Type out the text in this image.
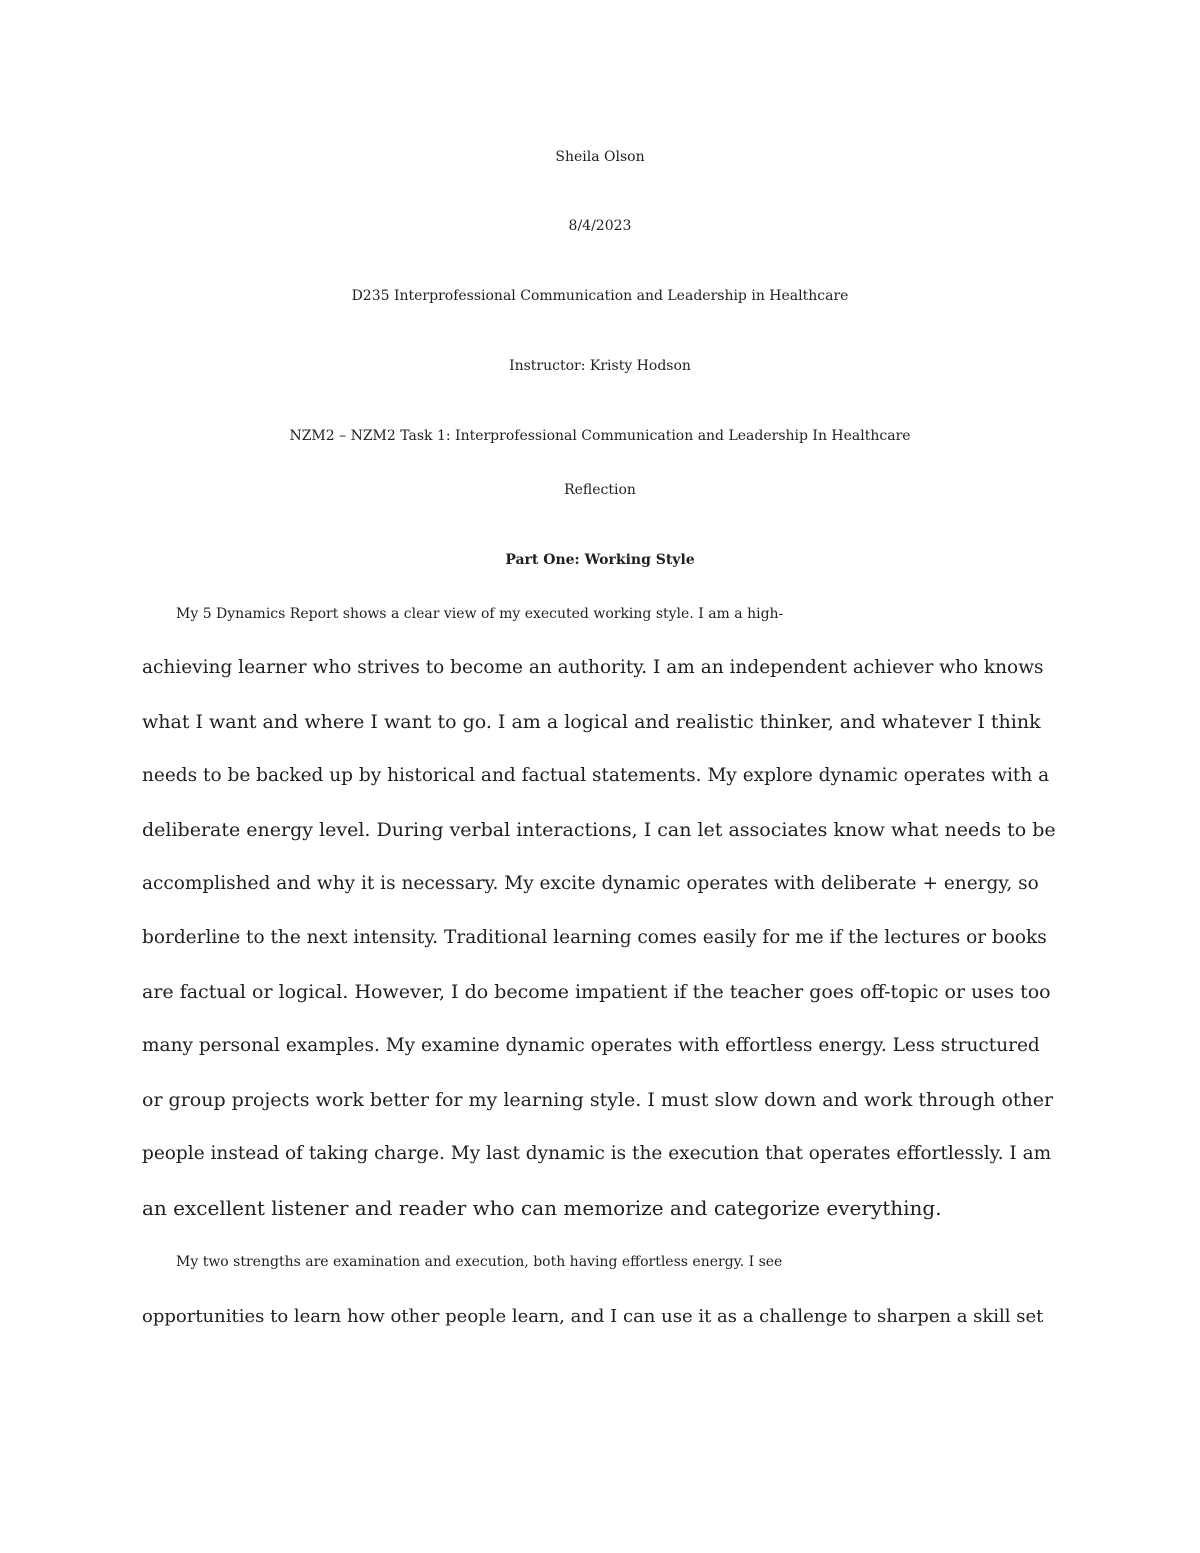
Sheila Olson
8/4/2023
D235 Interprofessional Communication and Leadership in Healthcare
Instructor: Kristy Hodson
NZM2 – NZM2 Task 1: Interprofessional Communication and Leadership In Healthcare
Reflection
Part One: Working Style
My 5 Dynamics Report shows a clear view of my executed working style. I am a high-
achieving learner who strives to become an authority. I am an independent achiever who knows
what I want and where I want to go. I am a logical and realistic thinker, and whatever I think
needs to be backed up by historical and factual statements. My explore dynamic operates with a
deliberate energy level. During verbal interactions, I can let associates know what needs to be
accomplished and why it is necessary. My excite dynamic operates with deliberate + energy, so
borderline to the next intensity. Traditional learning comes easily for me if the lectures or books
are factual or logical. However, I do become impatient if the teacher goes off-topic or uses too
many personal examples. My examine dynamic operates with effortless energy. Less structured
or group projects work better for my learning style. I must slow down and work through other
people instead of taking charge. My last dynamic is the execution that operates effortlessly. I am
an excellent listener and reader who can memorize and categorize everything.
My two strengths are examination and execution, both having effortless energy. I see
opportunities to learn how other people learn, and I can use it as a challenge to sharpen a skill set
